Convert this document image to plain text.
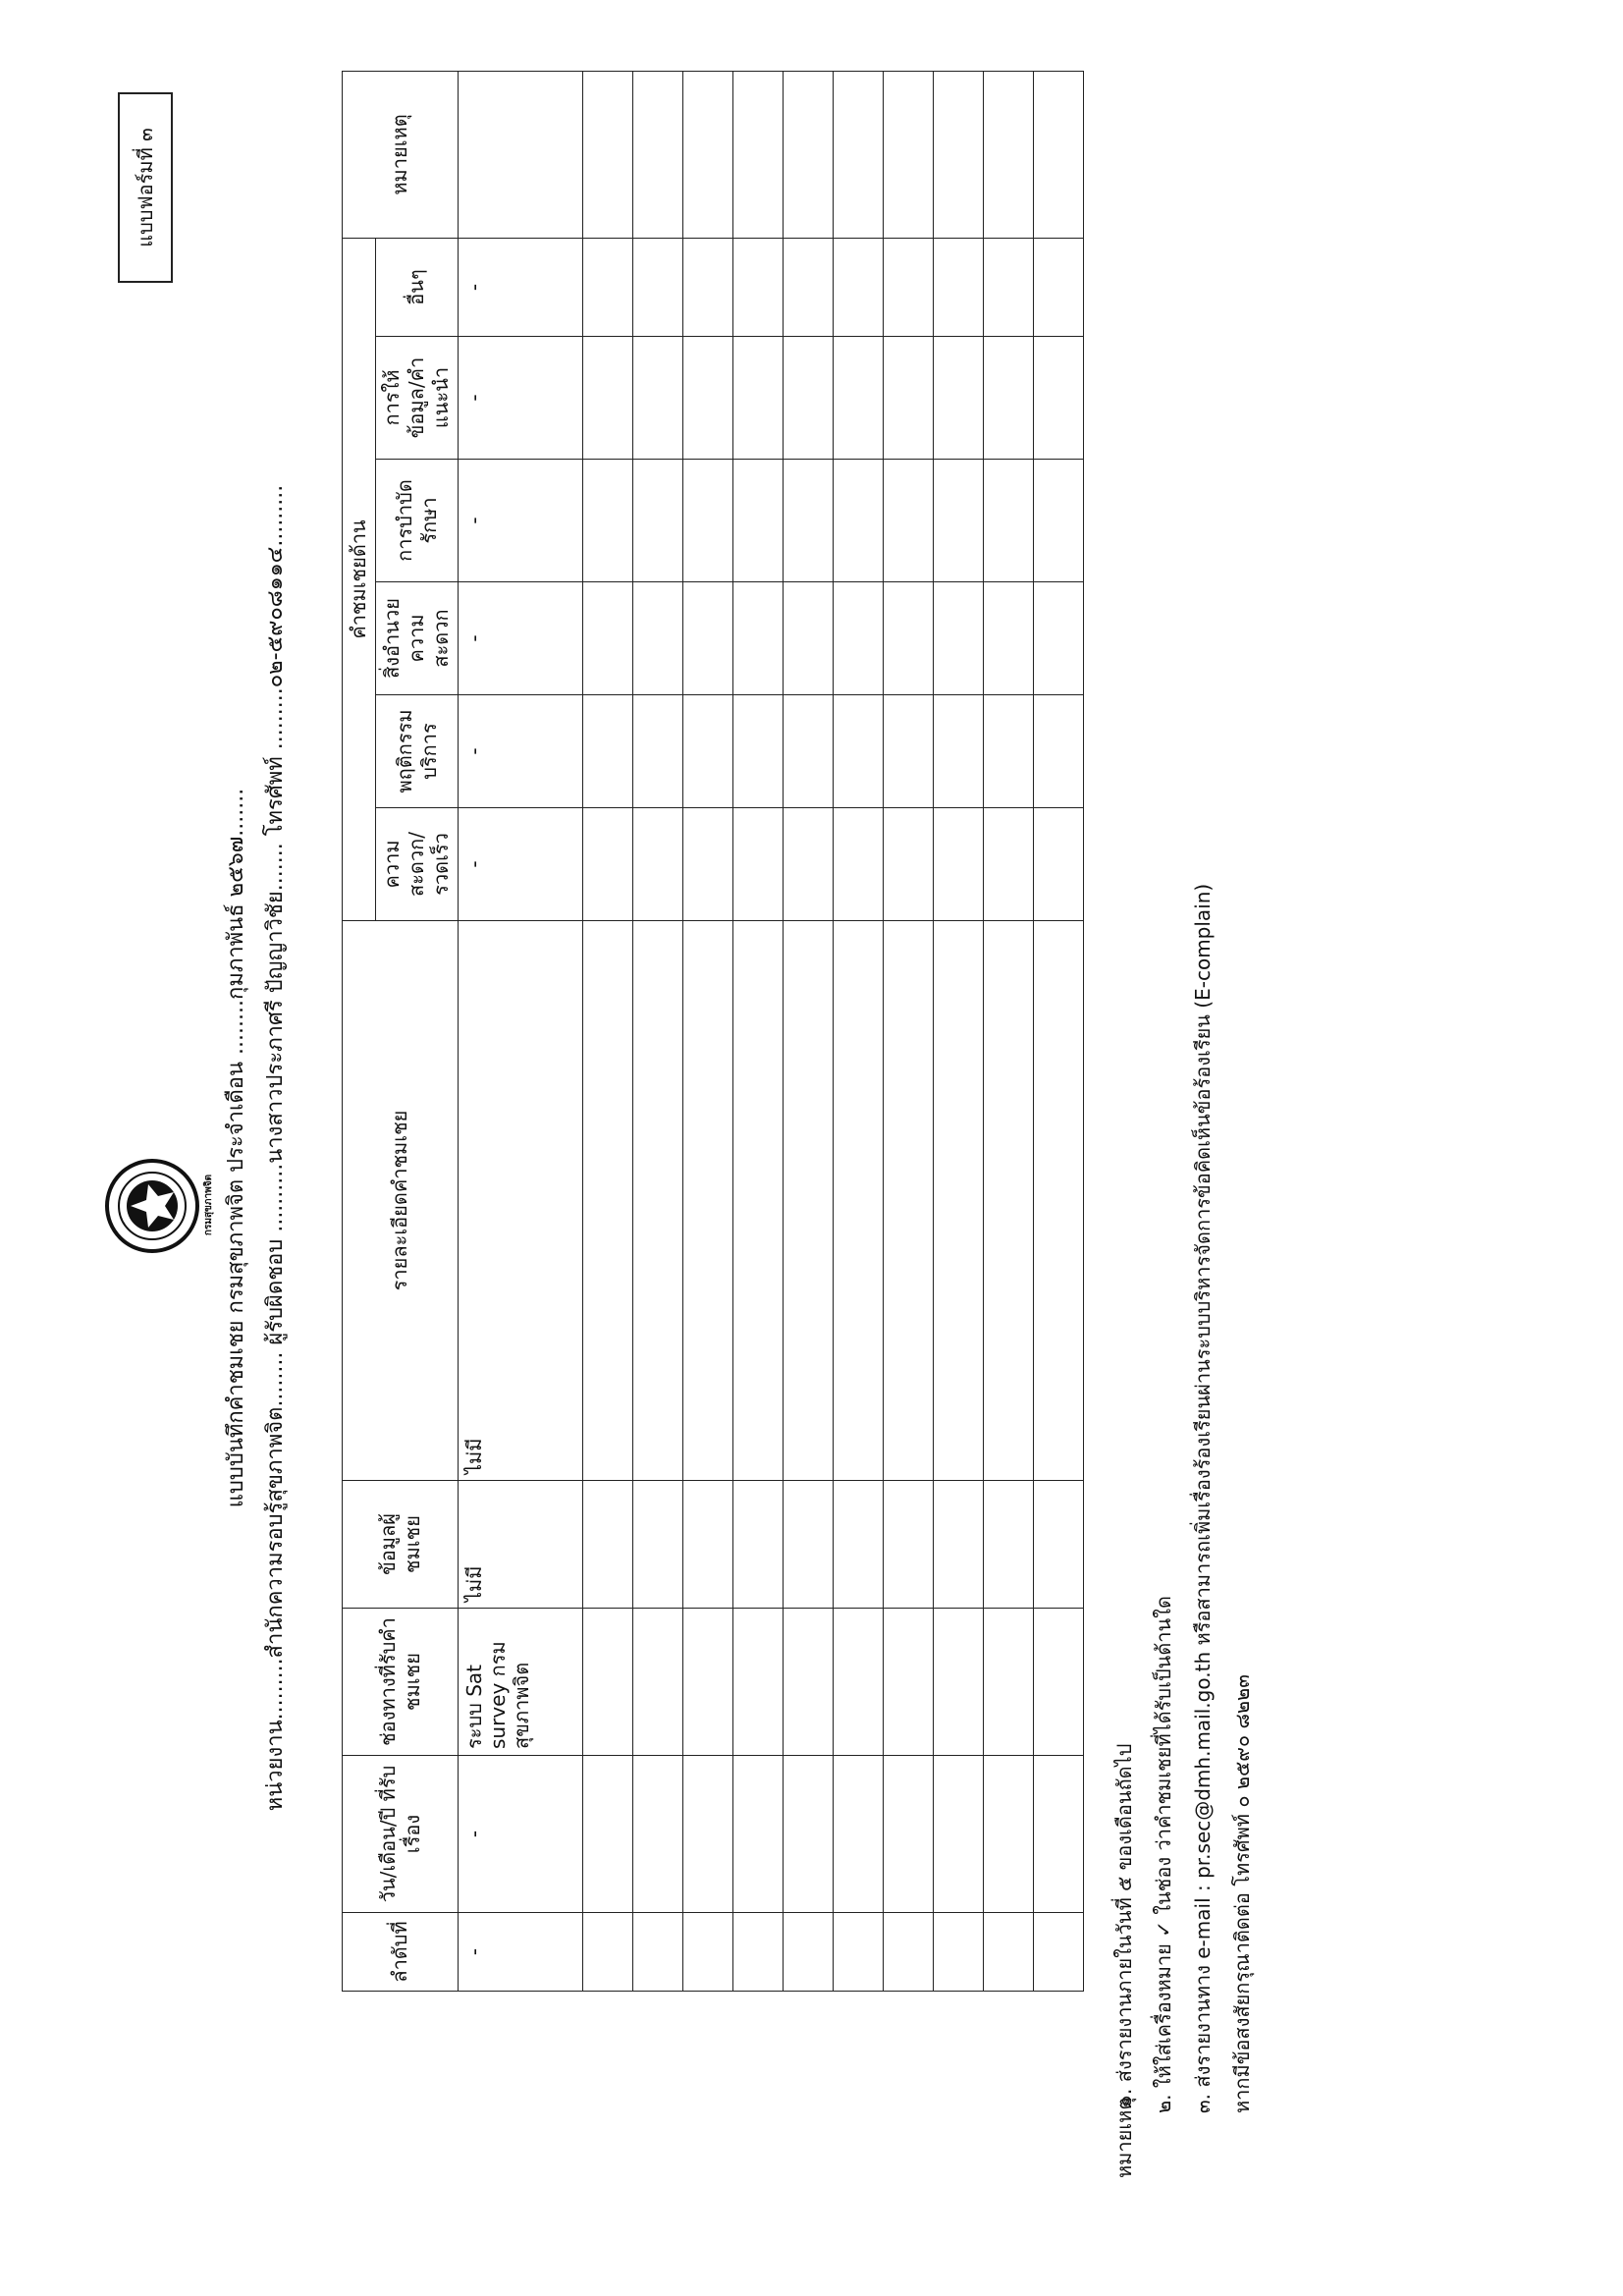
แบบฟอร์มที่ ๓
กรมสุขภาพจิต แบบบันทึกคำชมเชย กรมสุขภาพจิต ประจำเดือน ........กุมภาพันธ์ ๒๕๖๗....... หน่วยงาน.........สำนักความรอบรู้สุขภาพจิต........ ผู้รับผิดชอบ ..........นางสาวประภาศรี ปัญญาวิชัย....... โทรศัพท์ .........๐๒-๕๙๐๘๑๑๔.........
ลำดับที่	วัน/เดือน/ปี ที่รับเรื่อง	ช่องทางที่รับคำชมเชย	ข้อมูลผู้ชมเชย	รายละเอียดคำชมเชย	คำชมเชยด้าน						หมายเหตุ
					ความสะดวก/รวดเร็ว	พฤติกรรมบริการ	สิ่งอำนวยความสะดวก	การบำบัดรักษา	การให้ข้อมูล/คำแนะนำ	อื่นๆ	
-	-	ระบบ Sat survey กรมสุขภาพจิต	ไม่มี	ไม่มี	-	-	-	-	-	-	

หมายเหตุ ๑. ส่งรายงานภายในวันที่ ๕ ของเดือนถัดไป ๒. ให้ใส่เครื่องหมาย ✓ ในช่อง ว่าคำชมเชยที่ได้รับเป็นด้านใด ๓. ส่งรายงานทาง e-mail : pr.sec@dmh.mail.go.th หรือสามารถเพิ่มเรื่องร้องเรียนผ่านระบบบริหารจัดการข้อคิดเห็นข้อร้องเรียน (E-complain) หากมีข้อสงสัยกรุณาติดต่อ โทรศัพท์ ๐ ๒๕๙๐ ๘๒๒๓
